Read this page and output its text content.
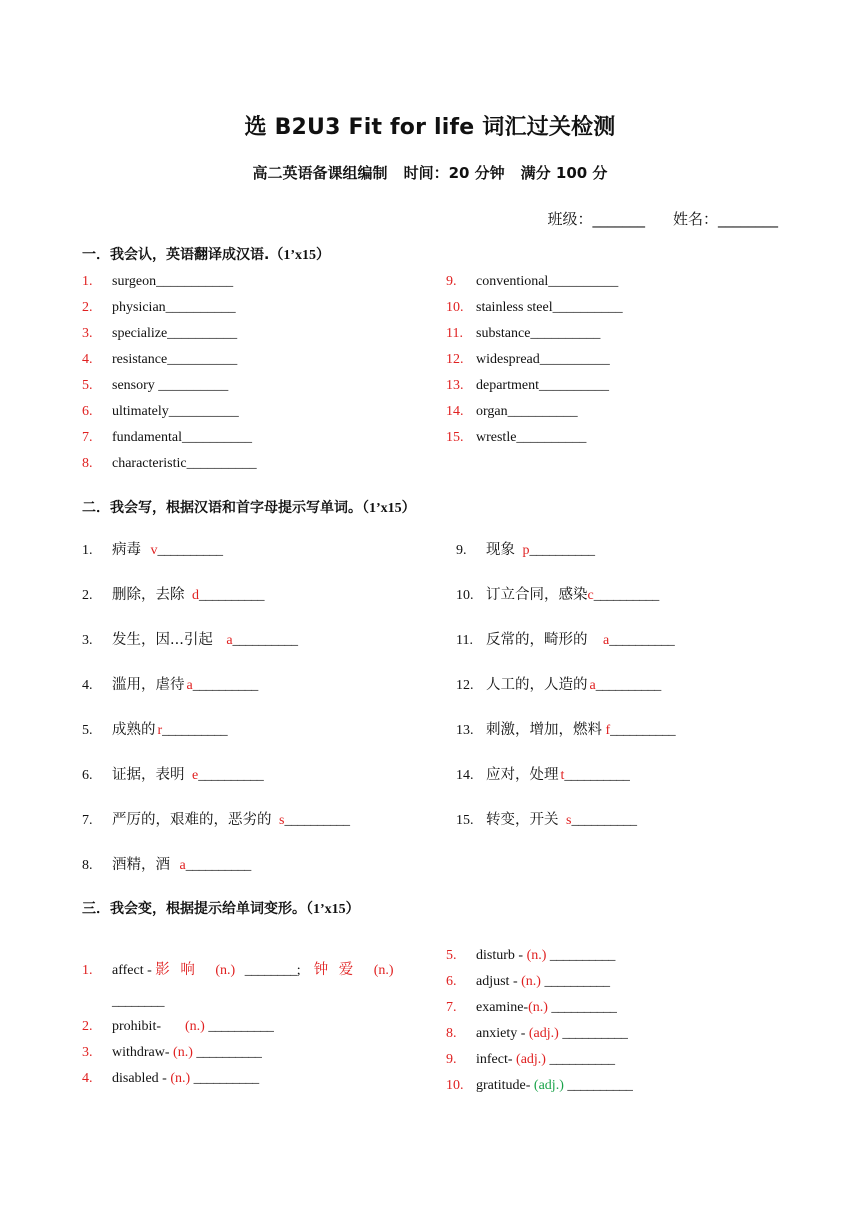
选 B2U3 Fit for life 词汇过关检测
高二英语备课组编制 时间：20 分钟 满分 100 分
班级：_______ 姓名：________
一．我会认，英语翻译成汉语.（1’x15）
1. surgeon___________
2. physician__________
3. specialize__________
4. resistance__________
5. sensory __________
6. ultimately__________
7. fundamental__________
8. characteristic__________
9. conventional__________
10. stainless steel__________
11. substance__________
12. widespread__________
13. department__________
14. organ__________
15. wrestle__________
二．我会写，根据汉语和首字母提示写单词。（1’x15）
1. 病毒 v__________
2. 删除，去除 d__________
3. 发生，因...引起 a__________
4. 滥用，虐待 a__________
5. 成熟的 r__________
6. 证据，表明 e__________
7. 严厉的，艰难的，恶劣的 s__________
8. 酒精，酒 a__________
9. 现象 p__________
10. 订立合同，感染c__________
11. 反常的，畸形的 a__________
12. 人工的，人造的 a__________
13. 刺激，增加，燃料 f__________
14. 应对，处理 t__________
15. 转变，开关 s__________
三．我会变，根据提示给单词变形。（1’x15）
1. affect - 影 响 (n.) ________; 钟 爱 (n.)
________
2. prohibit- (n.) __________
3. withdraw- (n.) __________
4. disabled - (n.) __________
5. disturb - (n.) __________
6. adjust - (n.) __________
7. examine-(n.) __________
8. anxiety - (adj.) __________
9. infect- (adj.) __________
10. gratitude- (adj.) __________
